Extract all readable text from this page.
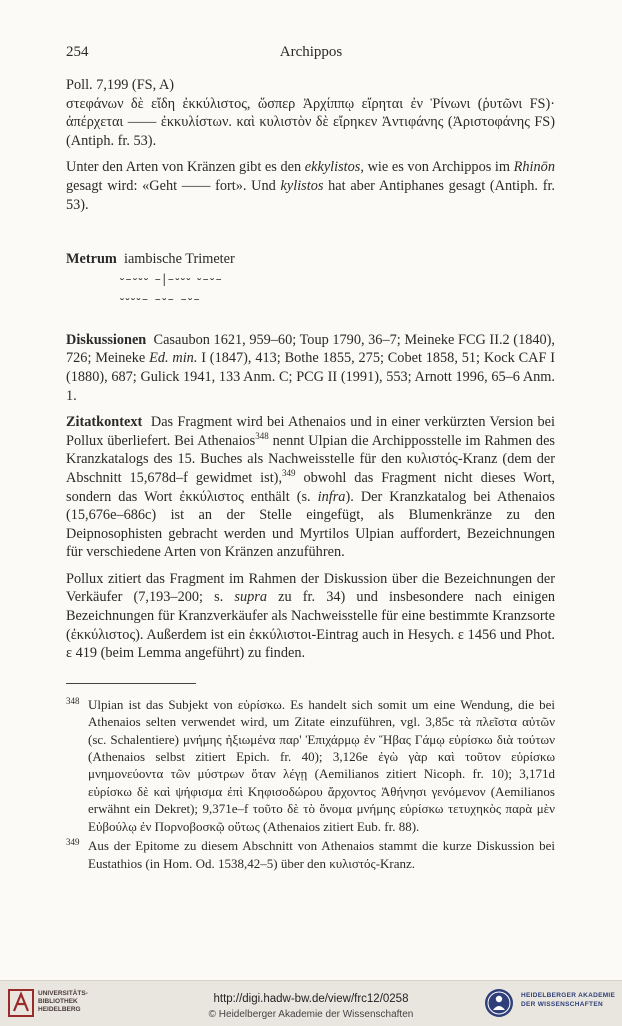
254	Archippos

Poll. 7,199 (FS, A)

στεφάνων δὲ εἴδη ἐκκύλιστος, ὥσπερ Ἀρχίππῳ εἴρηται ἐν Ῥίνωνι (ῥυτῶνι FS)· ἀπέρχεται —— ἐκκυλίστων. καὶ κυλιστὸν δὲ εἴρηκεν Ἀντιφάνης (Ἀριστοφάνης FS) (Antiph. fr. 53).

Unter den Arten von Kränzen gibt es den ekkylistos, wie es von Archippos im Rhinōn gesagt wird: «Geht —— fort». Und kylistos hat aber Antiphanes gesagt (Antiph. fr. 53).

Metrum iambische Trimeter

⏑–⏑⏑⏑ –|–⏑⏑⏑ ⏑–⏑–
⏑⏑⏑⏑– –⏑– –⏑–

Diskussionen Casaubon 1621, 959–60; Toup 1790, 36–7; Meineke FCG II.2 (1840), 726; Meineke Ed. min. I (1847), 413; Bothe 1855, 275; Cobet 1858, 51; Kock CAF I (1880), 687; Gulick 1941, 133 Anm. C; PCG II (1991), 553; Arnott 1996, 65–6 Anm. 1.

Zitatkontext Das Fragment wird bei Athenaios und in einer verkürzten Version bei Pollux überliefert. Bei Athenaios$^{348}$ nennt Ulpian die Archipposstelle im Rahmen des Kranzkatalogs des 15. Buches als Nachweisstelle für den κυλιστός-Kranz (dem der Abschnitt 15,678d–f gewidmet ist),$^{349}$ obwohl das Fragment nicht dieses Wort, sondern das Wort ἐκκύλιστος enthält (s. infra). Der Kranzkatalog bei Athenaios (15,676e–686c) ist an der Stelle eingefügt, als Blumenkränze zu den Deipnosophisten gebracht werden und Myrtilos Ulpian auffordert, Bezeichnungen für verschiedene Arten von Kränzen anzuführen.

Pollux zitiert das Fragment im Rahmen der Diskussion über die Bezeichnungen der Verkäufer (7,193–200; s. supra zu fr. 34) und insbesondere nach einigen Bezeichnungen für Kranzverkäufer als Nachweisstelle für eine bestimmte Kranzsorte (ἐκκύλιστος). Außerdem ist ein ἐκκύλιστοι-Eintrag auch in Hesych. ε 1456 und Phot. ε 419 (beim Lemma angeführt) zu finden.

348 Ulpian ist das Subjekt von εὑρίσκω. Es handelt sich somit um eine Wendung, die bei Athenaios selten verwendet wird, um Zitate einzuführen, vgl. 3,85c τὰ πλεῖστα αὐτῶν (sc. Schalentiere) μνήμης ἠξιωμένα παρ' Ἐπιχάρμῳ ἐν Ἥβας Γάμῳ εὑρίσκω διὰ τούτων (Athenaios selbst zitiert Epich. fr. 40); 3,126e ἐγὼ γὰρ καὶ τοῦτον εὑρίσκω μνημονεύοντα τῶν μύστρων ὅταν λέγῃ (Aemilianos zitiert Nicoph. fr. 10); 3,171d εὑρίσκω δὲ καὶ ψήφισμα ἐπὶ Κηφισοδώρου ἄρχοντος Ἀθήνησι γενόμενον (Aemilianos erwähnt ein Dekret); 9,371e–f τοῦτο δὲ τὸ ὄνομα μνήμης εὑρίσκω τετυχηκὸς παρὰ μὲν Εὐβούλῳ ἐν Πορνοβοσκῷ οὕτως (Athenaios zitiert Eub. fr. 88).
349 Aus der Epitome zu diesem Abschnitt von Athenaios stammt die kurze Diskussion bei Eustathios (in Hom. Od. 1538,42–5) über den κυλιστός-Kranz.
UNIVERSITÄTS-
BIBLIOTHEK
HEIDELBERG
http://digi.hadw-bw.de/view/frc12/0258
© Heidelberger Akademie der Wissenschaften
HEIDELBERGER AKADEMIE
DER WISSENSCHAFTEN
